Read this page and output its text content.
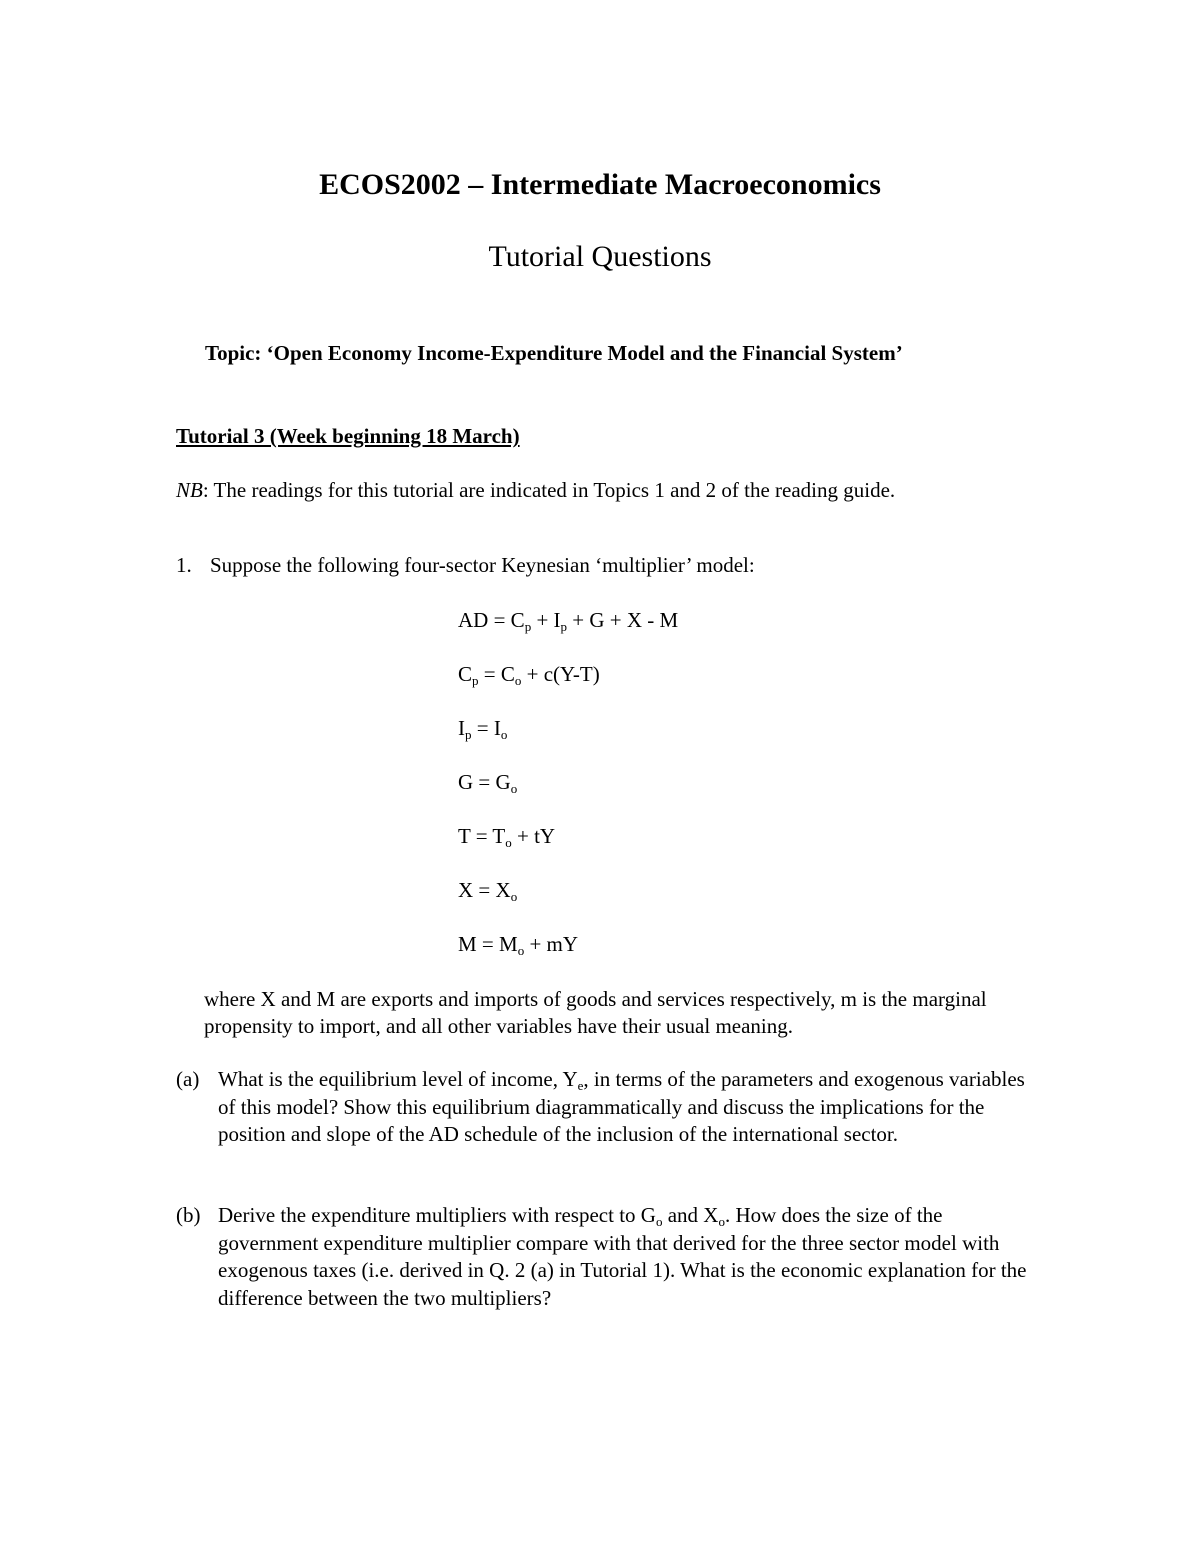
ECOS2002 – Intermediate Macroeconomics
Tutorial Questions
Topic: ‘Open Economy Income-Expenditure Model and the Financial System’
Tutorial 3 (Week beginning 18 March)
NB: The readings for this tutorial are indicated in Topics 1 and 2 of the reading guide.
1. Suppose the following four-sector Keynesian ‘multiplier’ model:
AD = $C_p + I_p + G + X - M$
$C_p = C_o + c(Y-T)$
$I_p = I_o$
$G = G_o$
$T = T_o$ + tY
$X = X_o$
$M = M_o$ + mY
where X and M are exports and imports of goods and services respectively, m is the marginal propensity to import, and all other variables have their usual meaning.
(a) What is the equilibrium level of income, $Y_e$, in terms of the parameters and exogenous variables of this model? Show this equilibrium diagrammatically and discuss the implications for the position and slope of the AD schedule of the inclusion of the international sector.
(b) Derive the expenditure multipliers with respect to $G_o$ and $X_o$. How does the size of the government expenditure multiplier compare with that derived for the three sector model with exogenous taxes (i.e. derived in Q. 2 (a) in Tutorial 1). What is the economic explanation for the difference between the two multipliers?
